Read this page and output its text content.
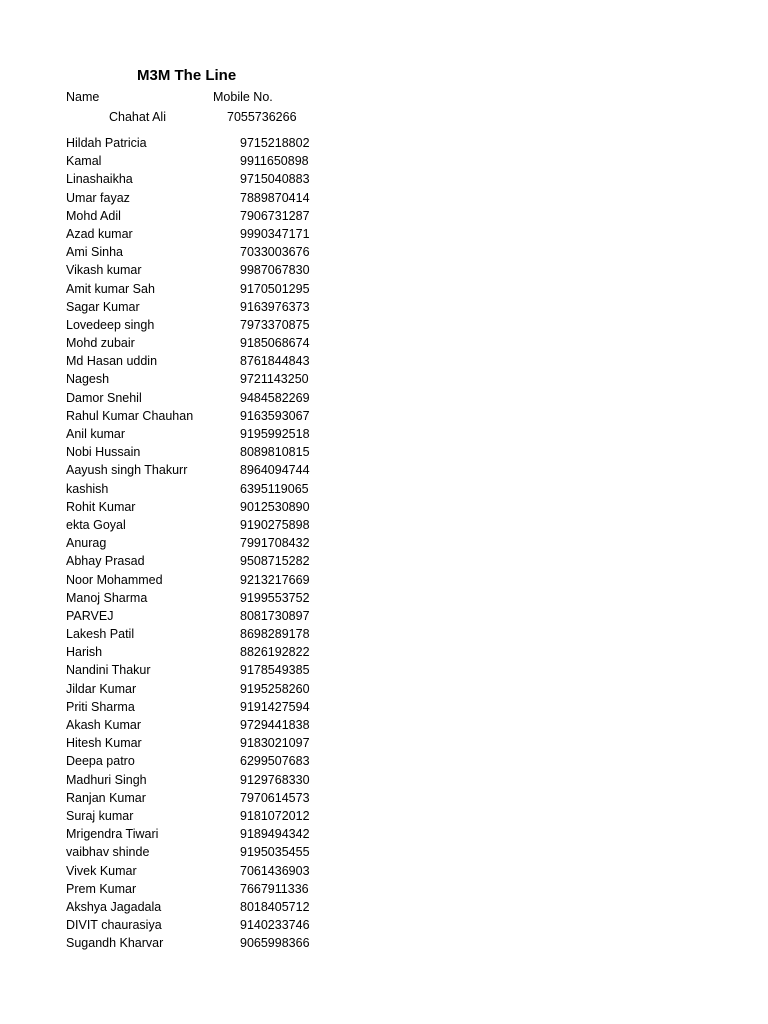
M3M The Line
Name	Mobile No.
Chahat Ali	7055736266
Hildah Patricia	9715218802
Kamal	9911650898
Linashaikha	9715040883
Umar fayaz	7889870414
Mohd Adil	7906731287
Azad kumar	9990347171
Ami Sinha	7033003676
Vikash kumar	9987067830
Amit kumar Sah	9170501295
Sagar Kumar	9163976373
Lovedeep singh	7973370875
Mohd zubair	9185068674
Md Hasan uddin	8761844843
Nagesh	9721143250
Damor Snehil	9484582269
Rahul Kumar Chauhan	9163593067
Anil kumar	9195992518
Nobi Hussain	8089810815
Aayush singh Thakurr	8964094744
kashish	6395119065
Rohit Kumar	9012530890
ekta Goyal	9190275898
Anurag	7991708432
Abhay Prasad	9508715282
Noor Mohammed	9213217669
Manoj Sharma	9199553752
PARVEJ	8081730897
Lakesh Patil	8698289178
Harish	8826192822
Nandini Thakur	9178549385
Jildar Kumar	9195258260
Priti Sharma	9191427594
Akash Kumar	9729441838
Hitesh Kumar	9183021097
Deepa patro	6299507683
Madhuri Singh	9129768330
Ranjan Kumar	7970614573
Suraj kumar	9181072012
Mrigendra Tiwari	9189494342
vaibhav shinde	9195035455
Vivek Kumar	7061436903
Prem Kumar	7667911336
Akshya Jagadala	8018405712
DIVIT chaurasiya	9140233746
Sugandh Kharvar	9065998366
